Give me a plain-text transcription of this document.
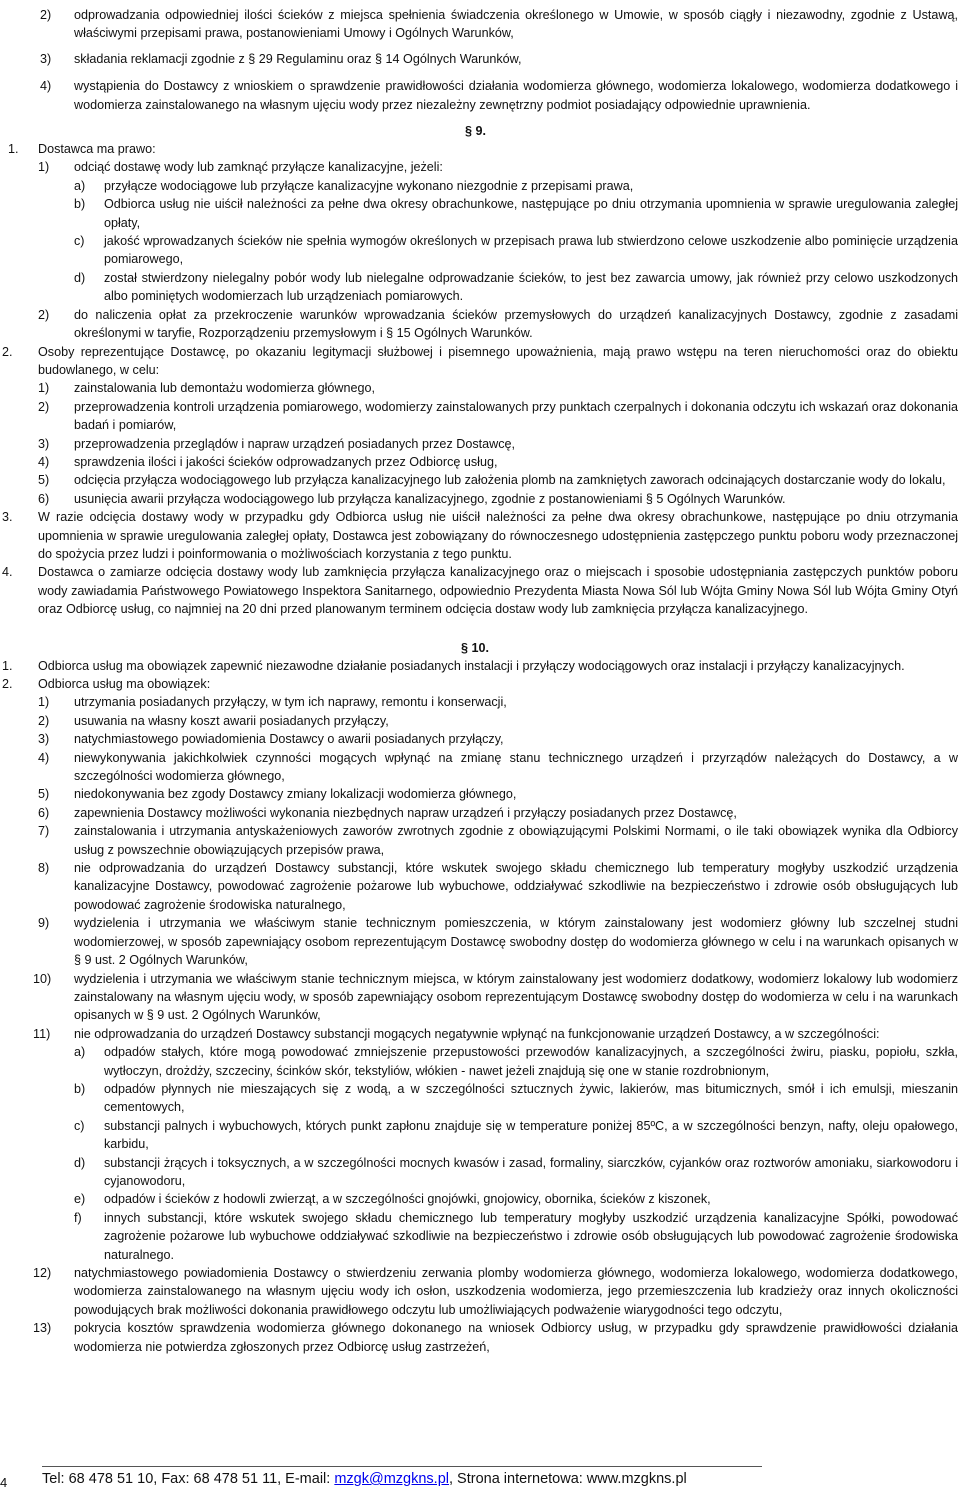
2) odprowadzania odpowiedniej ilości ścieków z miejsca spełnienia świadczenia określonego w Umowie, w sposób ciągły i niezawodny, zgodnie z Ustawą, właściwymi przepisami prawa, postanowieniami Umowy i Ogólnych Warunków,
3) składania reklamacji zgodnie z § 29 Regulaminu oraz § 14 Ogólnych Warunków,
4) wystąpienia do Dostawcy z wnioskiem o sprawdzenie prawidłowości działania wodomierza głównego, wodomierza lokalowego, wodomierza dodatkowego i wodomierza zainstalowanego na własnym ujęciu wody przez niezależny zewnętrzny podmiot posiadający odpowiednie uprawnienia.
§ 9.
1. Dostawca ma prawo:
1) odciąć dostawę wody lub zamknąć przyłącze kanalizacyjne, jeżeli:
a) przyłącze wodociągowe lub przyłącze kanalizacyjne wykonano niezgodnie z przepisami prawa,
b) Odbiorca usług nie uiścił należności za pełne dwa okresy obrachunkowe, następujące po dniu otrzymania upomnienia w sprawie uregulowania zaległej opłaty,
c) jakość wprowadzanych ścieków nie spełnia wymogów określonych w przepisach prawa lub stwierdzono celowe uszkodzenie albo pominięcie urządzenia pomiarowego,
d) został stwierdzony nielegalny pobór wody lub nielegalne odprowadzanie ścieków, to jest bez zawarcia umowy, jak również przy celowo uszkodzonych albo pominiętych wodomierzach lub urządzeniach pomiarowych.
2) do naliczenia opłat za przekroczenie warunków wprowadzania ścieków przemysłowych do urządzeń kanalizacyjnych Dostawcy, zgodnie z zasadami określonymi w taryfie, Rozporządzeniu przemysłowym i § 15 Ogólnych Warunków.
2. Osoby reprezentujące Dostawcę, po okazaniu legitymacji służbowej i pisemnego upoważnienia, mają prawo wstępu na teren nieruchomości oraz do obiektu budowlanego, w celu:
1) zainstalowania lub demontażu wodomierza głównego,
2) przeprowadzenia kontroli urządzenia pomiarowego, wodomierzy zainstalowanych przy punktach czerpalnych i dokonania odczytu ich wskazań oraz dokonania badań i pomiarów,
3) przeprowadzenia przeglądów i napraw urządzeń posiadanych przez Dostawcę,
4) sprawdzenia ilości i jakości ścieków odprowadzanych przez Odbiorcę usług,
5) odcięcia przyłącza wodociągowego lub przyłącza kanalizacyjnego lub założenia plomb na zamkniętych zaworach odcinających dostarczanie wody do lokalu,
6) usunięcia awarii przyłącza wodociągowego lub przyłącza kanalizacyjnego, zgodnie z postanowieniami § 5 Ogólnych Warunków.
3. W razie odcięcia dostawy wody w przypadku gdy Odbiorca usług nie uiścił należności za pełne dwa okresy obrachunkowe, następujące po dniu otrzymania upomnienia w sprawie uregulowania zaległej opłaty, Dostawca jest zobowiązany do równoczesnego udostępnienia zastępczego punktu poboru wody przeznaczonej do spożycia przez ludzi i poinformowania o możliwościach korzystania z tego punktu.
4. Dostawca o zamiarze odcięcia dostawy wody lub zamknięcia przyłącza kanalizacyjnego oraz o miejscach i sposobie udostępniania zastępczych punktów poboru wody zawiadamia Państwowego Powiatowego Inspektora Sanitarnego, odpowiednio Prezydenta Miasta Nowa Sól lub Wójta Gminy Nowa Sól lub Wójta Gminy Otyń oraz Odbiorcę usług, co najmniej na 20 dni przed planowanym terminem odcięcia dostaw wody lub zamknięcia przyłącza kanalizacyjnego.
§ 10.
1. Odbiorca usług ma obowiązek zapewnić niezawodne działanie posiadanych instalacji i przyłączy wodociągowych oraz instalacji i przyłączy kanalizacyjnych.
2. Odbiorca usług ma obowiązek:
1) utrzymania posiadanych przyłączy, w tym ich naprawy, remontu i konserwacji,
2) usuwania na własny koszt awarii posiadanych przyłączy,
3) natychmiastowego powiadomienia Dostawcy o awarii posiadanych przyłączy,
4) niewykonywania jakichkolwiek czynności mogących wpłynąć na zmianę stanu technicznego urządzeń i przyrządów należących do Dostawcy, a w szczególności wodomierza głównego,
5) niedokonywania bez zgody Dostawcy zmiany lokalizacji wodomierza głównego,
6) zapewnienia Dostawcy możliwości wykonania niezbędnych napraw urządzeń i przyłączy posiadanych przez Dostawcę,
7) zainstalowania i utrzymania antyskażeniowych zaworów zwrotnych zgodnie z obowiązującymi Polskimi Normami, o ile taki obowiązek wynika dla Odbiorcy usług z powszechnie obowiązujących przepisów prawa,
8) nie odprowadzania do urządzeń Dostawcy substancji, które wskutek swojego składu chemicznego lub temperatury mogłyby uszkodzić urządzenia kanalizacyjne Dostawcy, powodować zagrożenie pożarowe lub wybuchowe, oddziaływać szkodliwie na bezpieczeństwo i zdrowie osób obsługujących lub powodować zagrożenie środowiska naturalnego,
9) wydzielenia i utrzymania we właściwym stanie technicznym pomieszczenia, w którym zainstalowany jest wodomierz główny lub szczelnej studni wodomierzowej, w sposób zapewniający osobom reprezentującym Dostawcę swobodny dostęp do wodomierza głównego w celu i na warunkach opisanych w § 9 ust. 2 Ogólnych Warunków,
10) wydzielenia i utrzymania we właściwym stanie technicznym miejsca, w którym zainstalowany jest wodomierz dodatkowy, wodomierz lokalowy lub wodomierz zainstalowany na własnym ujęciu wody, w sposób zapewniający osobom reprezentującym Dostawcę swobodny dostęp do wodomierza w celu i na warunkach opisanych w § 9 ust. 2 Ogólnych Warunków,
11) nie odprowadzania do urządzeń Dostawcy substancji mogących negatywnie wpłynąć na funkcjonowanie urządzeń Dostawcy, a w szczególności:
a) odpadów stałych, które mogą powodować zmniejszenie przepustowości przewodów kanalizacyjnych, a szczególności żwiru, piasku, popiołu, szkła, wytłoczyn, drożdży, szczeciny, ścinków skór, tekstyliów, włókien - nawet jeżeli znajdują się one w stanie rozdrobnionym,
b) odpadów płynnych nie mieszających się z wodą, a w szczególności sztucznych żywic, lakierów, mas bitumicznych, smół i ich emulsji, mieszanin cementowych,
c) substancji palnych i wybuchowych, których punkt zapłonu znajduje się w temperature poniżej 85ºC, a w szczególności benzyn, nafty, oleju opałowego, karbidu,
d) substancji żrących i toksycznych, a w szczególności mocnych kwasów i zasad, formaliny, siarczków, cyjanków oraz roztworów amoniaku, siarkowodoru i cyjanowodoru,
e) odpadów i ścieków z hodowli zwierząt, a w szczególności gnojówki, gnojowicy, obornika, ścieków z kiszonek,
f) innych substancji, które wskutek swojego składu chemicznego lub temperatury mogłyby uszkodzić urządzenia kanalizacyjne Spółki, powodować zagrożenie pożarowe lub wybuchowe oddziaływać szkodliwie na bezpieczeństwo i zdrowie osób obsługujących lub powodować zagrożenie środowiska naturalnego.
12) natychmiastowego powiadomienia Dostawcy o stwierdzeniu zerwania plomby wodomierza głównego, wodomierza lokalowego, wodomierza dodatkowego, wodomierza zainstalowanego na własnym ujęciu wody ich osłon, uszkodzenia wodomierza, jego przemieszczenia lub kradzieży oraz innych okoliczności powodujących brak możliwości dokonania prawidłowego odczytu lub umożliwiających podważenie wiarygodności tego odczytu,
13) pokrycia kosztów sprawdzenia wodomierza głównego dokonanego na wniosek Odbiorcy usług, w przypadku gdy sprawdzenie prawidłowości działania wodomierza nie potwierdza zgłoszonych przez Odbiorcę usług zastrzeżeń,
4 Tel: 68 478 51 10, Fax: 68 478 51 11, E-mail: mzgk@mzgkns.pl, Strona internetowa: www.mzgkns.pl
